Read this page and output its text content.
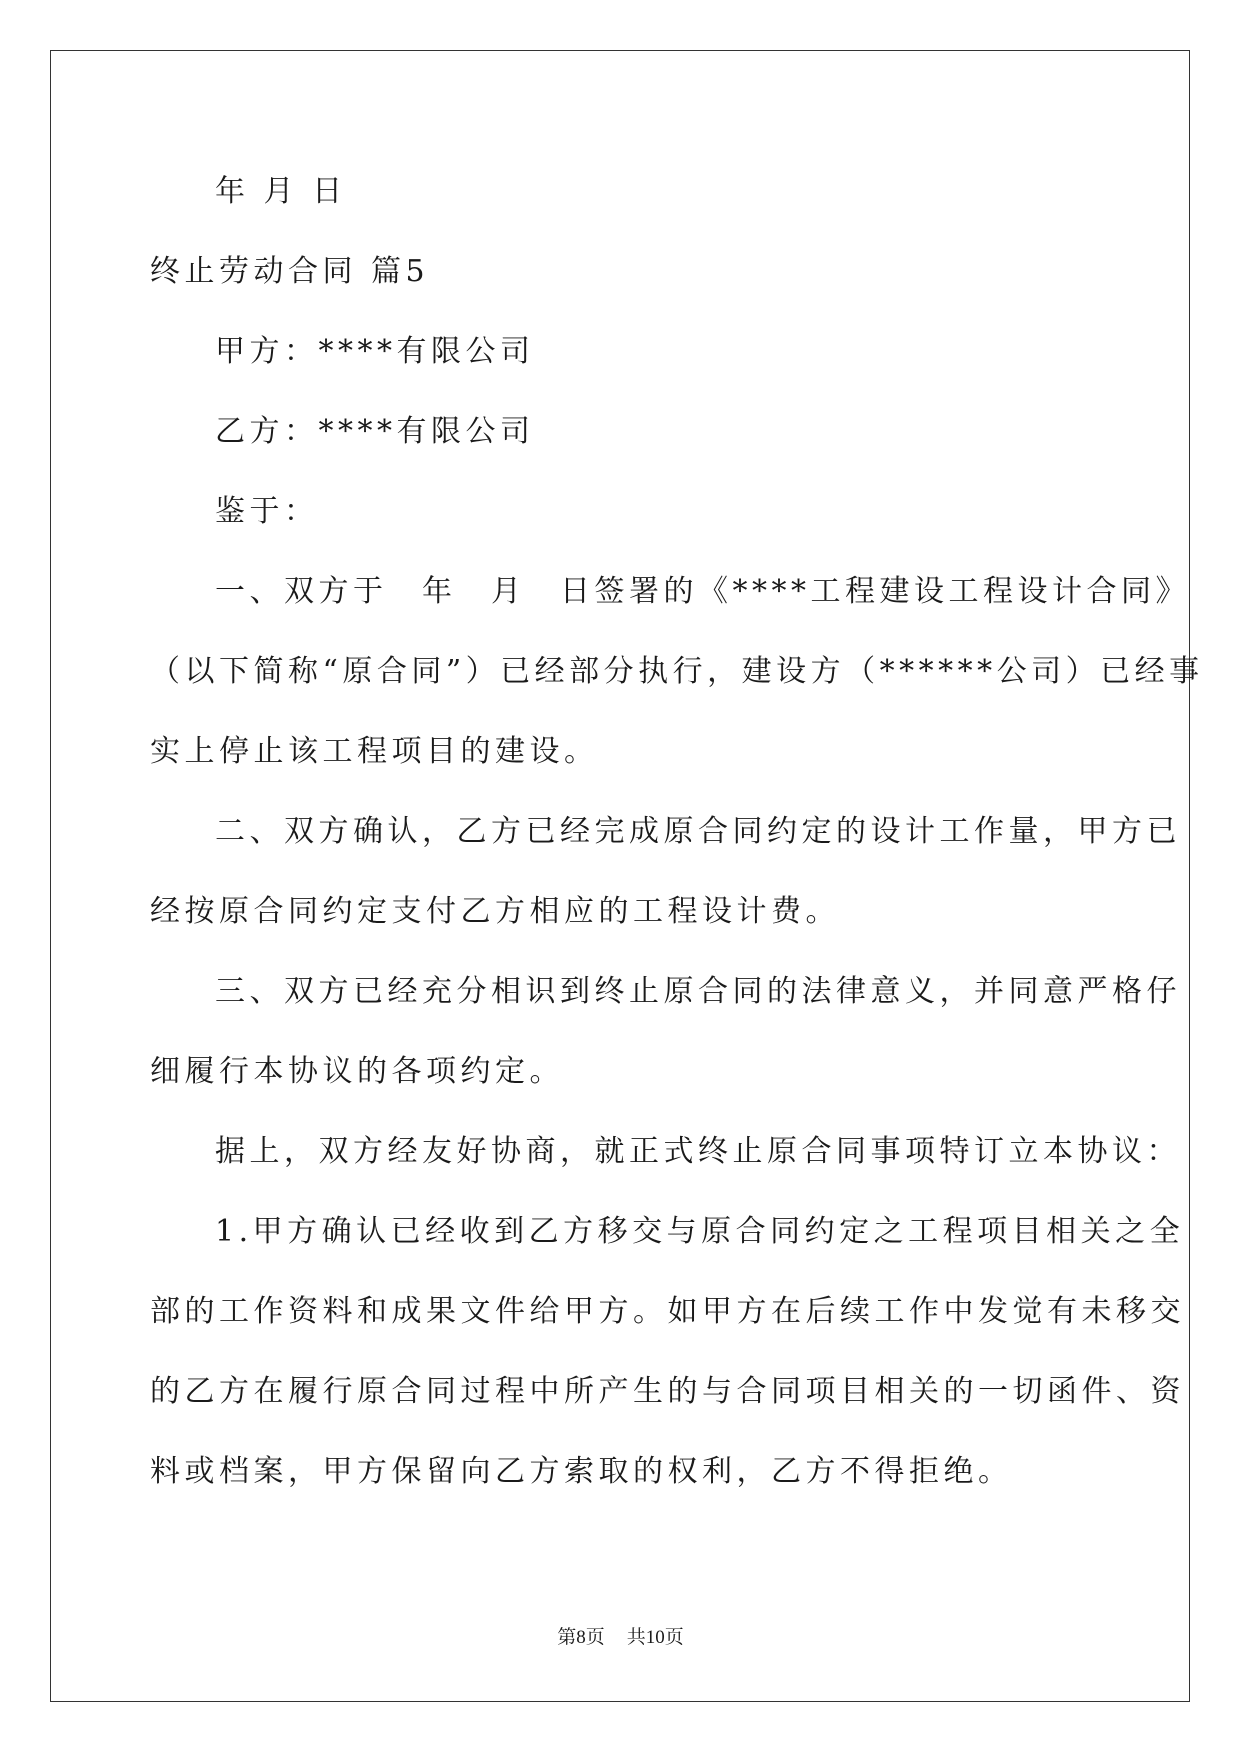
年 月 日
终止劳动合同 篇5
甲方：****有限公司
乙方：****有限公司
鉴于：
一、双方于　年　月　日签署的《****工程建设工程设计合同》
（以下简称“原合同”）已经部分执行，建设方（******公司）已经事
实上停止该工程项目的建设。
二、双方确认，乙方已经完成原合同约定的设计工作量，甲方已
经按原合同约定支付乙方相应的工程设计费。
三、双方已经充分相识到终止原合同的法律意义，并同意严格仔
细履行本协议的各项约定。
据上，双方经友好协商，就正式终止原合同事项特订立本协议：
1.甲方确认已经收到乙方移交与原合同约定之工程项目相关之全
部的工作资料和成果文件给甲方。如甲方在后续工作中发觉有未移交
的乙方在履行原合同过程中所产生的与合同项目相关的一切函件、资
料或档案，甲方保留向乙方索取的权利，乙方不得拒绝。
第8页 共10页
